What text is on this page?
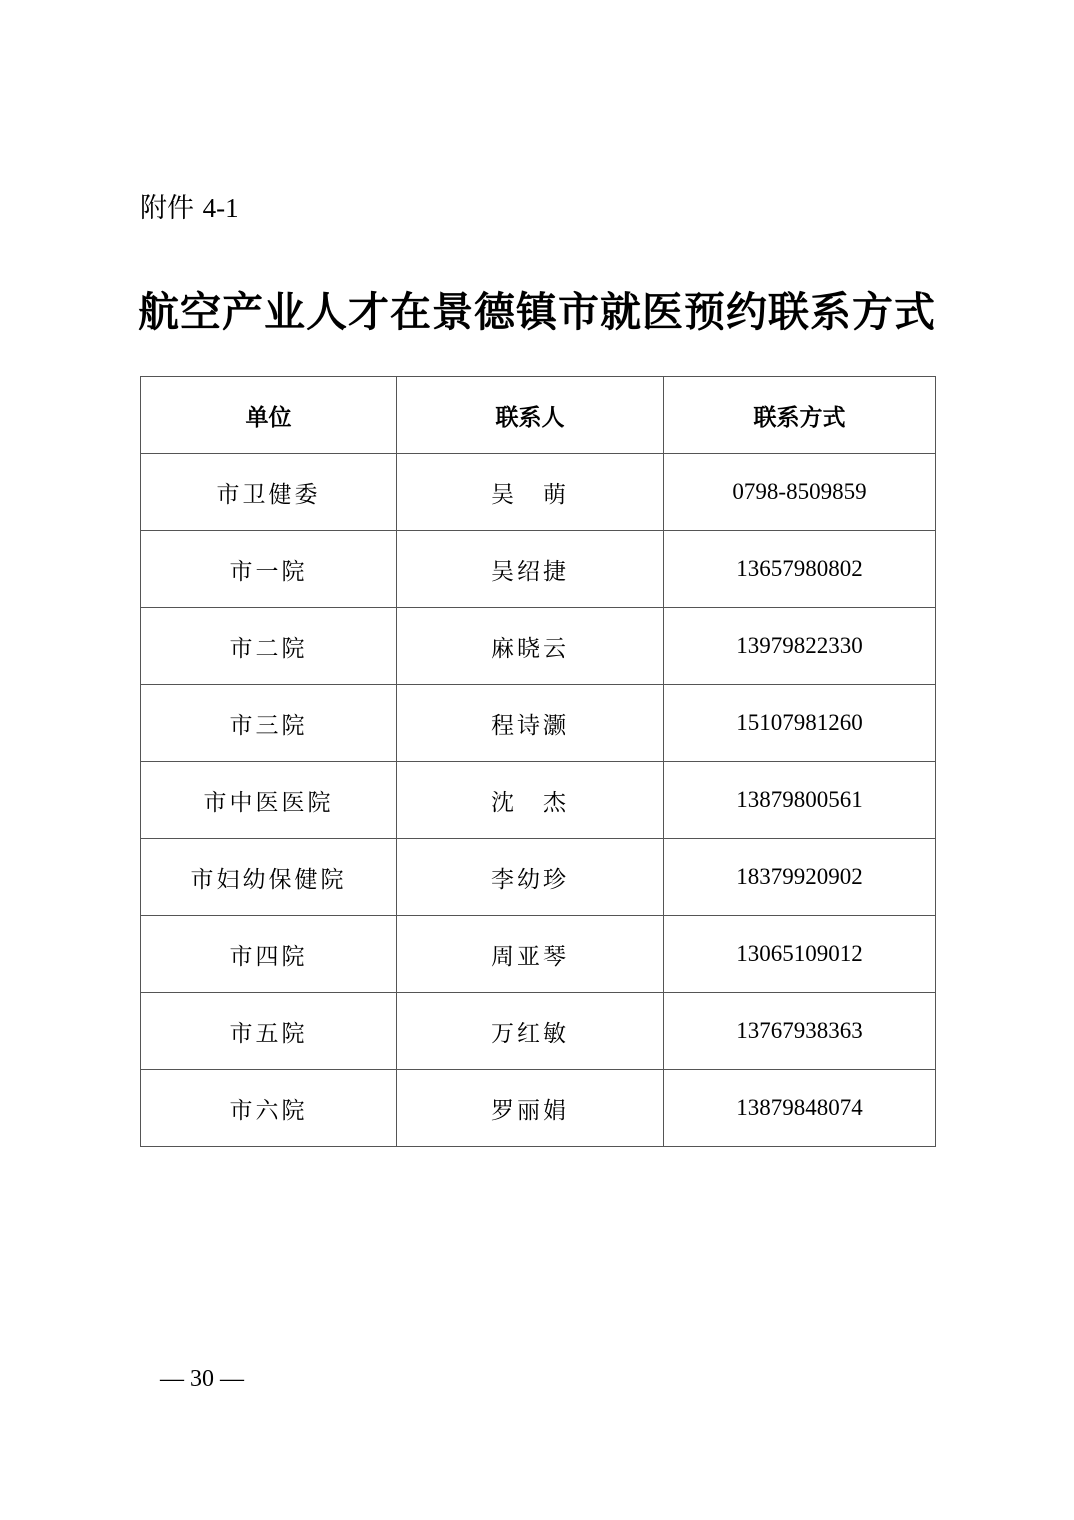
附件 4-1
航空产业人才在景德镇市就医预约联系方式
单位	联系人	联系方式
市卫健委	吴　萌	0798-8509859
市一院	吴绍捷	13657980802
市二院	麻晓云	13979822330
市三院	程诗灏	15107981260
市中医医院	沈　杰	13879800561
市妇幼保健院	李幼珍	18379920902
市四院	周亚琴	13065109012
市五院	万红敏	13767938363
市六院	罗丽娟	13879848074
— 30 —
